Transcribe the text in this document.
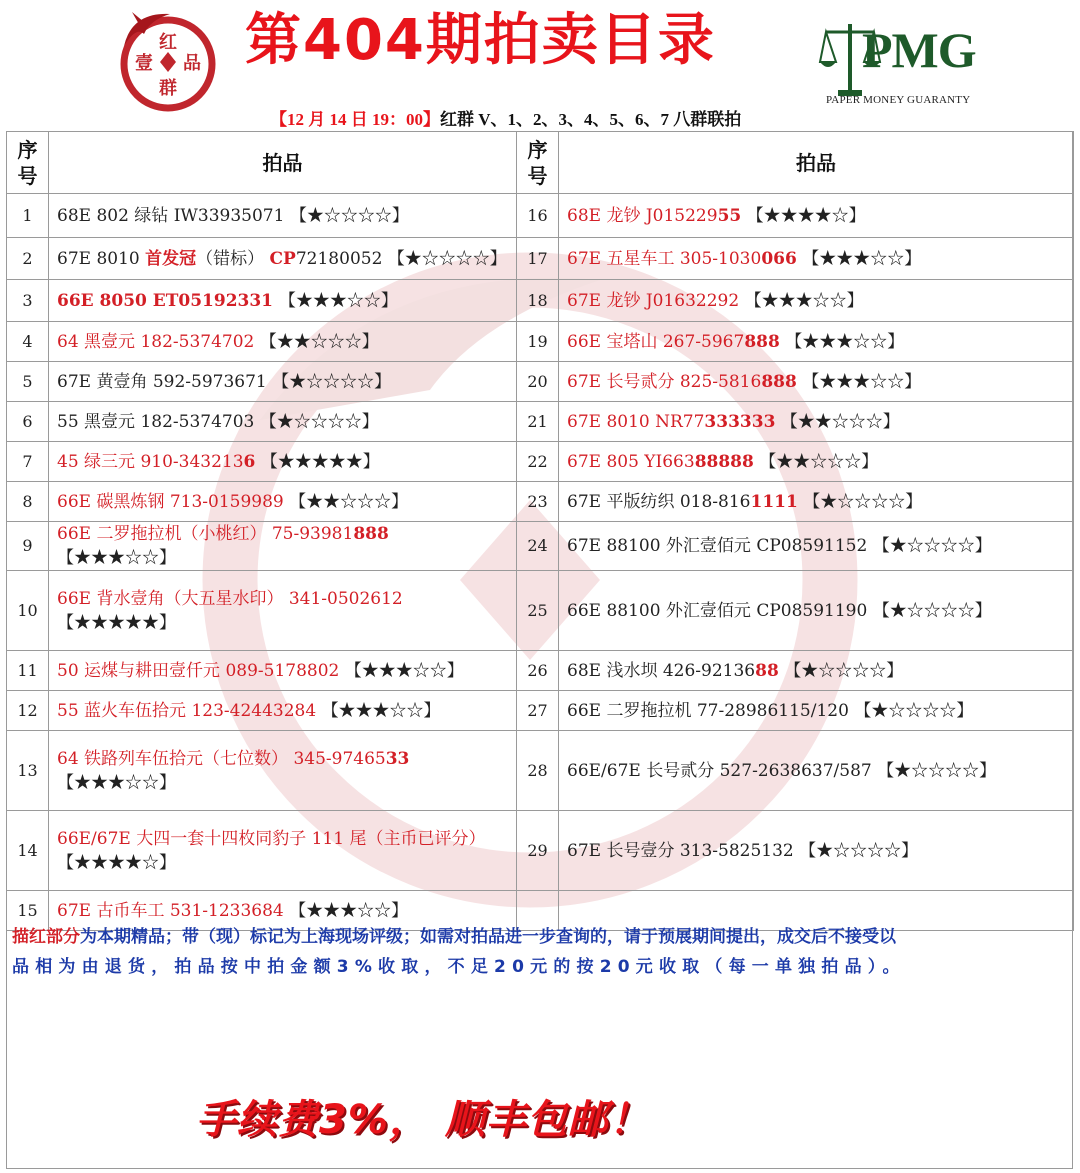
红
壹 品
群
第404期拍卖目录	PMG
PAPER MONEY GUARANTY
【12 月 14 日 19：00】红群 V、1、2、3、4、5、6、7 八群联拍
序
号	拍品	序
号	拍品
1	68E 802 绿钻 IW33935071 【★☆☆☆☆】	16	68E 龙钞 J01522955 【★★★★☆】
2	67E 8010 首发冠（错标） CP72180052 【★☆☆☆☆】	17	67E 五星车工 305-1030066 【★★★☆☆】
3	66E 8050 ET05192331 【★★★☆☆】	18	67E 龙钞 J01632292 【★★★☆☆】
4	64 黑壹元 182-5374702 【★★☆☆☆】	19	66E 宝塔山 267-5967888 【★★★☆☆】
5	67E 黄壹角 592-5973671 【★☆☆☆☆】	20	67E 长号贰分 825-5816888 【★★★☆☆】
6	55 黑壹元 182-5374703 【★☆☆☆☆】	21	67E 8010 NR77333333 【★★☆☆☆】
7	45 绿三元 910-3432136 【★★★★★】	22	67E 805 YI66388888 【★★☆☆☆】
8	66E 碳黑炼钢 713-0159989 【★★☆☆☆】	23	67E 平版纺织 018-8161111 【★☆☆☆☆】
9	66E 二罗拖拉机（小桃红） 75-93981888 【★★★☆☆】	24	67E 88100 外汇壹佰元 CP08591152 【★☆☆☆☆】
10	66E 背水壹角（大五星水印） 341-0502612 【★★★★★】	25	66E 88100 外汇壹佰元 CP08591190 【★☆☆☆☆】
11	50 运煤与耕田壹仟元 089-5178802 【★★★☆☆】	26	68E 浅水坝 426-9213688 【★☆☆☆☆】
12	55 蓝火车伍拾元 123-42443284 【★★★☆☆】	27	66E 二罗拖拉机 77-28986115/120 【★☆☆☆☆】
13	64 铁路列车伍拾元（七位数） 345-9746533 【★★★☆☆】	28	66E/67E 长号贰分 527-2638637/587 【★☆☆☆☆】
14	66E/67E 大四一套十四枚同豹子 111 尾（主币已评分） 【★★★★☆】	29	67E 长号壹分 313-5825132 【★☆☆☆☆】
15	67E 古币车工 531-1233684 【★★★☆☆】		
描红部分为本期精品；带（现）标记为上海现场评级；如需对拍品进一步查询的，请于预展期间提出，成交后不接受以
品相为由退货，拍品按中拍金额3%收取，不足20元的按20元收取（每一单独拍品）。
手续费3%， 顺丰包邮！
